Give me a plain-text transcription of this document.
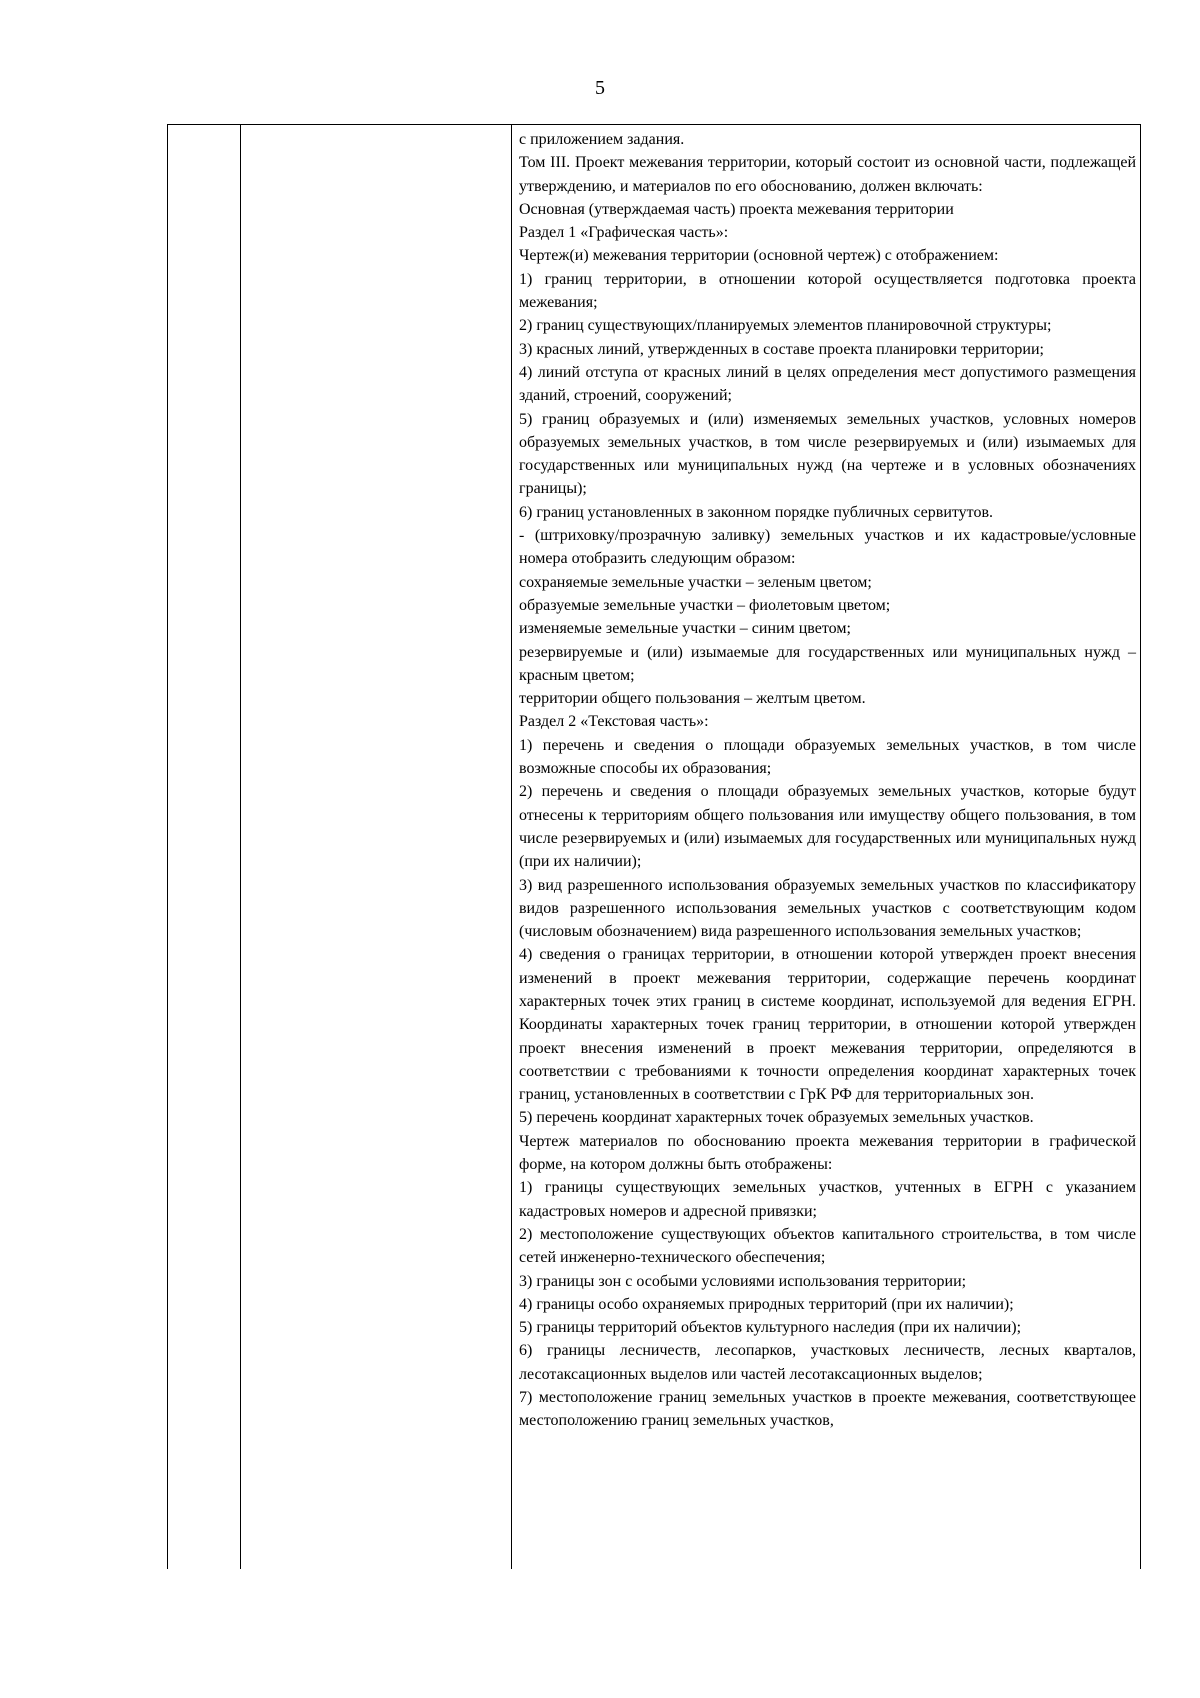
5

с приложением задания.

Том III. Проект межевания территории, который состоит из основной части, подлежащей утверждению, и материалов по его обоснованию, должен включать:

Основная (утверждаемая часть) проекта межевания территории

Раздел 1 «Графическая часть»:

Чертеж(и) межевания территории (основной чертеж) с отображением:

1) границ территории, в отношении которой осуществляется подготовка проекта межевания;

2) границ существующих/планируемых элементов планировочной структуры;

3) красных линий, утвержденных в составе проекта планировки территории;

4) линий отступа от красных линий в целях определения мест допустимого размещения зданий, строений, сооружений;

5) границ образуемых и (или) изменяемых земельных участков, условных номеров образуемых земельных участков, в том числе резервируемых и (или) изымаемых для государственных или муниципальных нужд (на чертеже и в условных обозначениях границы);

6) границ установленных в законном порядке публичных сервитутов.

- (штриховку/прозрачную заливку) земельных участков и их кадастровые/условные номера отобразить следующим образом:

сохраняемые земельные участки – зеленым цветом;

образуемые земельные участки – фиолетовым цветом;

изменяемые земельные участки – синим цветом;

резервируемые и (или) изымаемые для государственных или муниципальных нужд – красным цветом;

территории общего пользования – желтым цветом.

Раздел 2 «Текстовая часть»:

1) перечень и сведения о площади образуемых земельных участков, в том числе возможные способы их образования;

2) перечень и сведения о площади образуемых земельных участков, которые будут отнесены к территориям общего пользования или имуществу общего пользования, в том числе резервируемых и (или) изымаемых для государственных или муниципальных нужд (при их наличии);

3) вид разрешенного использования образуемых земельных участков по классификатору видов разрешенного использования земельных участков с соответствующим кодом (числовым обозначением) вида разрешенного использования земельных участков;

4) сведения о границах территории, в отношении которой утвержден проект внесения изменений в проект межевания территории, содержащие перечень координат характерных точек этих границ в системе координат, используемой для ведения ЕГРН. Координаты характерных точек границ территории, в отношении которой утвержден проект внесения изменений в проект межевания территории, определяются в соответствии с требованиями к точности определения координат характерных точек границ, установленных в соответствии с ГрК РФ для территориальных зон.

5) перечень координат характерных точек образуемых земельных участков.

Чертеж материалов по обоснованию проекта межевания территории в графической форме, на котором должны быть отображены:

1) границы существующих земельных участков, учтенных в ЕГРН с указанием кадастровых номеров и адресной привязки;

2) местоположение существующих объектов капитального строительства, в том числе сетей инженерно-технического обеспечения;

3) границы зон с особыми условиями использования территории;

4) границы особо охраняемых природных территорий (при их наличии);

5) границы территорий объектов культурного наследия (при их наличии);

6) границы лесничеств, лесопарков, участковых лесничеств, лесных кварталов, лесотаксационных выделов или частей лесотаксационных выделов;

7) местоположение границ земельных участков в проекте межевания, соответствующее местоположению границ земельных участков,
